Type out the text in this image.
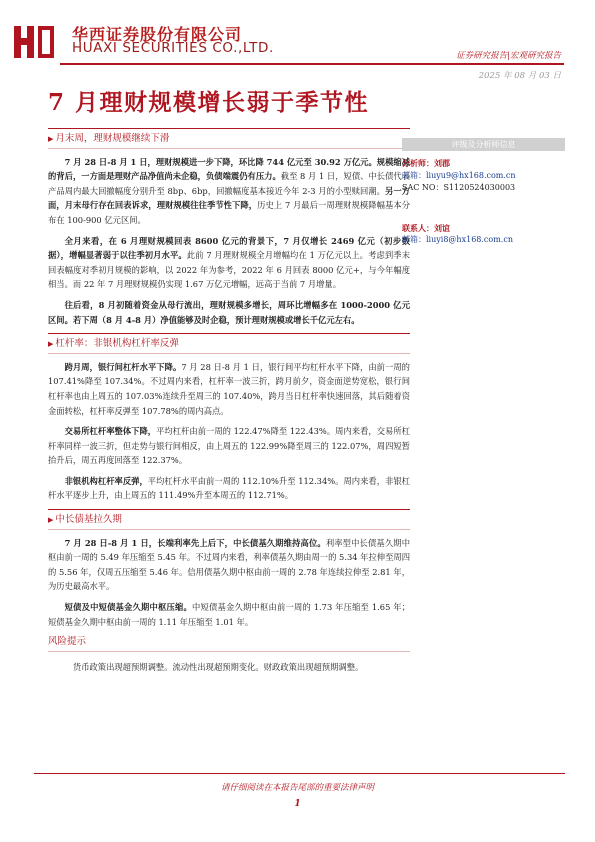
华西证券股份有限公司
HUAXI SECURITIES CO.,LTD.	证券研究报告|宏观研究报告
2025 年 08 月 03 日
7 月理财规模增长弱于季节性
▶ 月末周，理财规模继续下滑

7 月 28 日-8 月 1 日，理财规模进一步下降，环比降 744 亿元至 30.92 万亿元。规模缩减的背后，一方面是理财产品净值尚未企稳，负债端震仍有压力。截至 8 月 1 日，短债、中长债代表产品周内最大回撤幅度分别升至 8bp、6bp，回撤幅度基本接近今年 2-3 月的小型赎回潮。另一方面，月末母行存在回表诉求，理财规模往往季节性下降，历史上 7 月最后一周理财规模降幅基本分布在 100-900 亿元区间。

全月来看，在 6 月理财规模回表 8600 亿元的背景下，7 月仅增长 2469 亿元（初步数据），增幅显著弱于以往季初月水平。此前 7 月理财规模全月增幅均在 1 万亿元以上。考虑到季末回表幅度对季初月规模的影响，以 2022 年为参考，2022 年 6 月回表 8000 亿元+，与今年幅度相当。而 22 年 7 月理财规模仍实现 1.67 万亿元增幅，远高于当前 7 月增量。

往后看，8 月初随着资金从母行流出，理财规模多增长，周环比增幅多在 1000-2000 亿元区间。若下周（8 月 4-8 月）净值能够及时企稳，预计理财规模或增长千亿元左右。

▶ 杠杆率：非银机构杠杆率反弹

跨月周，银行间杠杆水平下降。7 月 28 日-8 月 1 日，银行间平均杠杆水平下降，由前一周的 107.41%降至 107.34%。不过周内来看，杠杆率一波三折，跨月前夕，资金面逆势宽松，银行间杠杆率也由上周五的 107.03%连续升至周三的 107.40%，跨月当日杠杆率快速回落，其后随着资金面转松，杠杆率反弹至 107.78%的周内高点。

交易所杠杆率整体下降，平均杠杆由前一周的 122.47%降至 122.43%。周内来看，交易所杠杆率同样一波三折，但走势与银行间相反，由上周五的 122.99%降至周三的 122.07%，周四短暂抬升后，周五再度回落至 122.37%。

非银机构杠杆率反弹，平均杠杆水平由前一周的 112.10%升至 112.34%。周内来看，非银杠杆水平逐步上升，由上周五的 111.49%升至本周五的 112.71%。

▶ 中长债基拉久期

7 月 28 日-8 月 1 日，长端利率先上后下，中长债基久期维持高位。利率型中长债基久期中枢由前一周的 5.49 年压缩至 5.45 年。不过周内来看，利率债基久期由周一的 5.34 年拉伸至周四的 5.56 年，仅周五压缩至 5.46 年。信用债基久期中枢由前一周的 2.78 年连续拉伸至 2.81 年，为历史最高水平。

短债及中短债基金久期中枢压缩。中短债基金久期中枢由前一周的 1.73 年压缩至 1.65 年；短债基金久期中枢由前一周的 1.11 年压缩至 1.01 年。

风险提示
货币政策出现超预期调整。流动性出现超预期变化。财政政策出现超预期调整。
评级及分析师信息
分析师：刘郡
邮箱：liuyu9@hx168.com.cn
SAC NO：S1120524030003
联系人：刘谊
邮箱：liuyi8@hx168.com.cn
请仔细阅读在本报告尾部的重要法律声明
1
